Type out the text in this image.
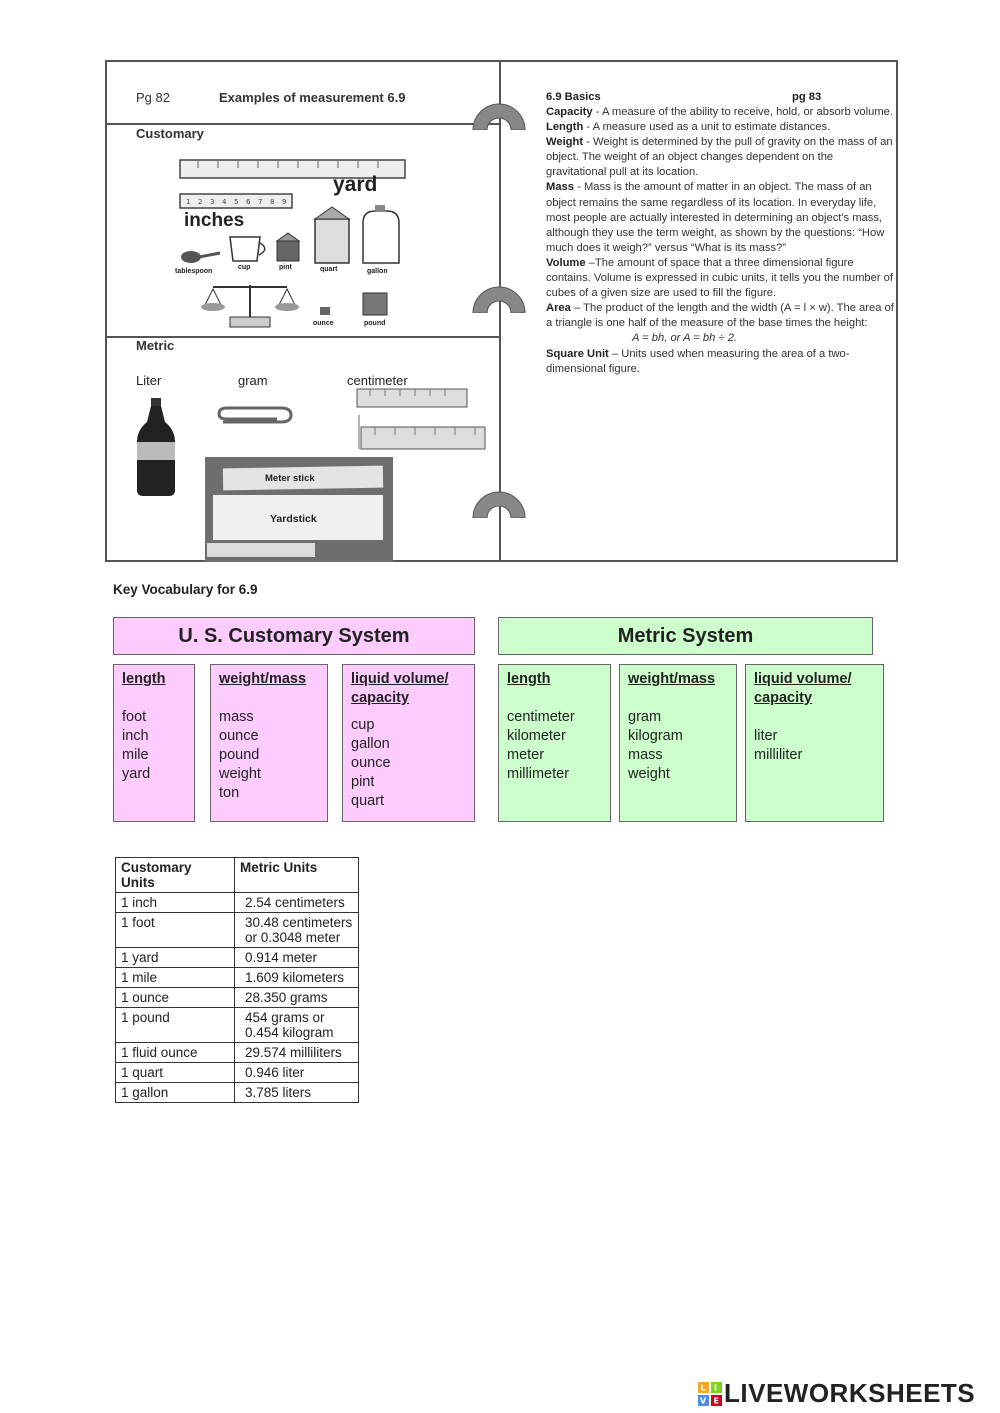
Pg 82	Examples of measurement 6.9
Customary
1 2 3 4 5 6 7 8 9
yard
inches
tablespoon
cup	pint	quart	gallon
ounce	pound
Metric
Liter	gram	centimeter
Meter stick
Yardstick
6.9 Basics	pg 83

Capacity - A measure of the ability to receive, hold, or absorb volume.

Length - A measure used as a unit to estimate distances.

Weight - Weight is determined by the pull of gravity on the mass of an object. The weight of an object changes dependent on the gravitational pull at its location.

Mass - Mass is the amount of matter in an object. The mass of an object remains the same regardless of its location. In everyday life, most people are actually interested in determining an object's mass, although they use the term weight, as shown by the questions: “How much does it weigh?” versus “What is its mass?”

Volume –The amount of space that a three dimensional figure contains. Volume is expressed in cubic units, it tells you the number of cubes of a given size are used to fill the figure.

Area – The product of the length and the width (A = l × w). The area of a triangle is one half of the measure of the base times the height:

A = bh, or A = bh ÷ 2.

Square Unit – Units used when measuring the area of a two-dimensional figure.

Key Vocabulary for 6.9
U. S. Customary System	Metric System
length
foot
inch
mile
yard
weight/mass
mass
ounce
pound
weight
ton
liquid volume/ capacity
cup
gallon
ounce
pint
quart
length
centimeter
kilometer
meter
millimeter
weight/mass
gram
kilogram
mass
weight
liquid volume/ capacity
liter
milliliter
Customary Units	Metric Units
1 inch	2.54 centimeters
1 foot	30.48 centimeters or 0.3048 meter
1 yard	0.914 meter
1 mile	1.609 kilometers
1 ounce	28.350 grams
1 pound	454 grams or 0.454 kilogram
1 fluid ounce	29.574 milliliters
1 quart	0.946 liter
1 gallon	3.785 liters
L I
V E LIVEWORKSHEETS
